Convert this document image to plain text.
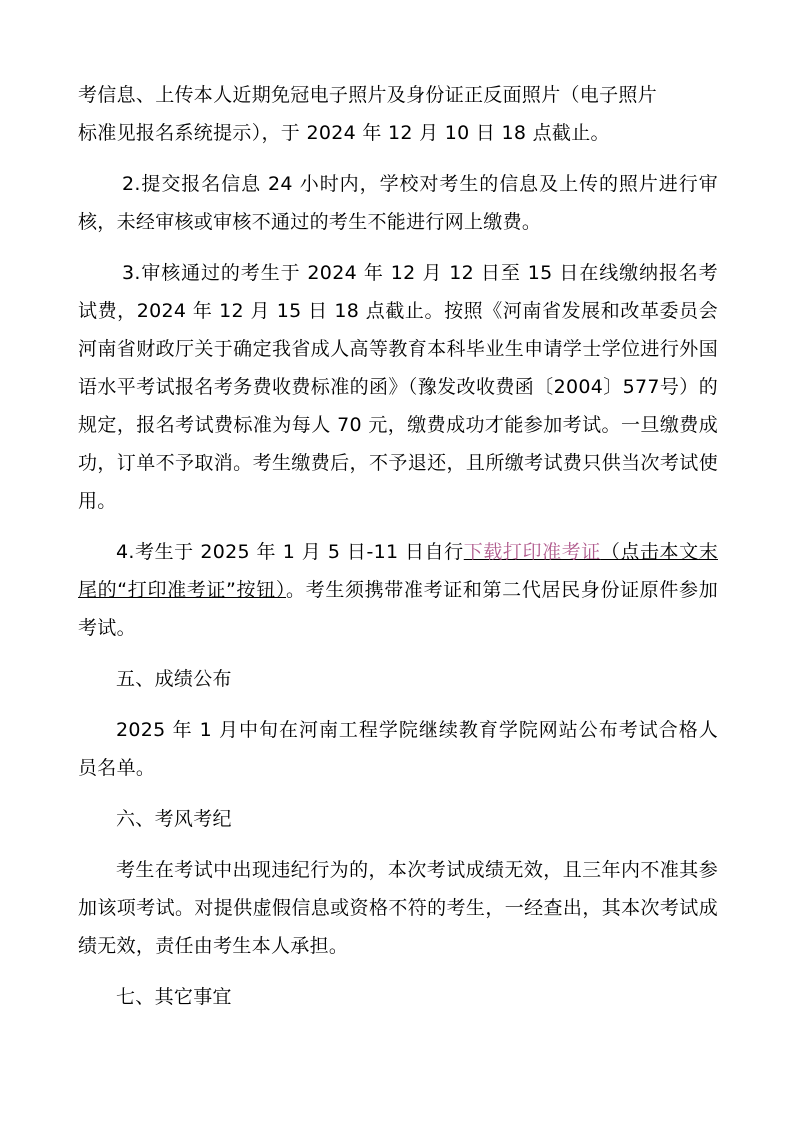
考信息、上传本人近期免冠电子照片及身份证正反面照片（电子照片
标准见报名系统提示），于 2024 年 12 月 10 日 18 点截止。

2.提交报名信息 24 小时内，学校对考生的信息及上传的照片进行审核，未经审核或审核不通过的考生不能进行网上缴费。

3.审核通过的考生于 2024 年 12 月 12 日至 15 日在线缴纳报名考试费，2024 年 12 月 15 日 18 点截止。按照《河南省发展和改革委员会 河南省财政厅关于确定我省成人高等教育本科毕业生申请学士学位进行外国语水平考试报名考务费收费标准的函》（豫发改收费函〔2004〕577号）的规定，报名考试费标准为每人 70 元，缴费成功才能参加考试。一旦缴费成功，订单不予取消。考生缴费后，不予退还，且所缴考试费只供当次考试使用。

4.考生于 2025 年 1 月 5 日-11 日自行下载打印准考证（点击本文末尾的“打印准考证”按钮）。考生须携带准考证和第二代居民身份证原件参加考试。

五、成绩公布

2025 年 1 月中旬在河南工程学院继续教育学院网站公布考试合格人员名单。

六、考风考纪

考生在考试中出现违纪行为的，本次考试成绩无效，且三年内不准其参加该项考试。对提供虚假信息或资格不符的考生，一经查出，其本次考试成绩无效，责任由考生本人承担。

七、其它事宜
